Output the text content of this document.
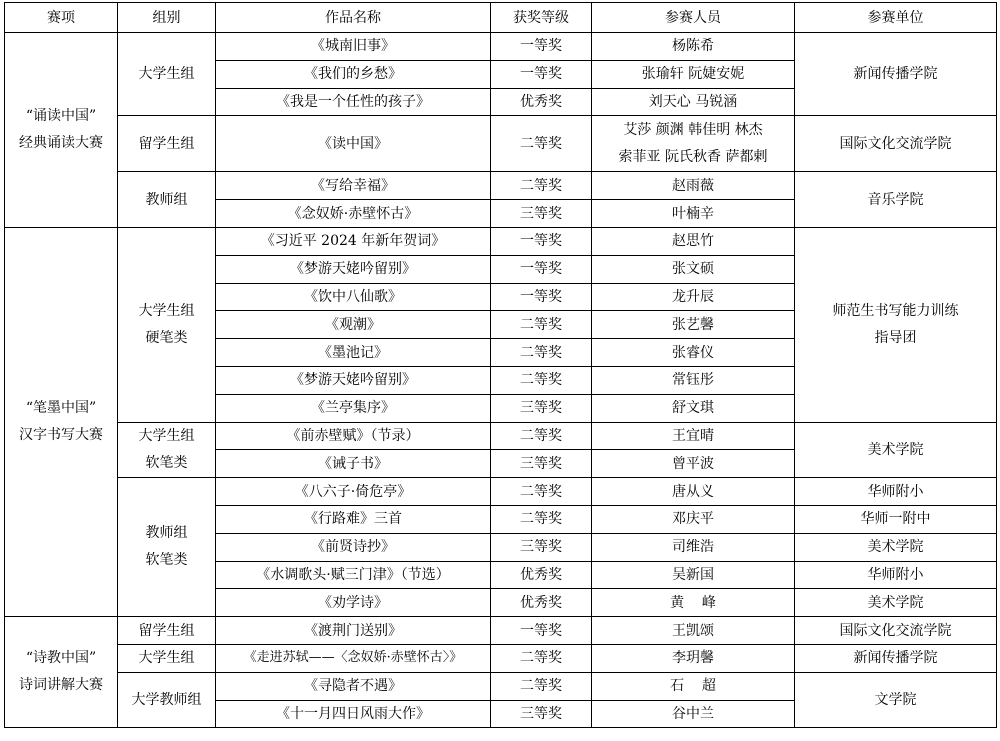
赛项	组别	作品名称	获奖等级	参赛人员	参赛单位

“诵读中国”
经典诵读大赛	大学生组	《城南旧事》	一等奖	杨陈希	新闻传播学院
		《我们的乡愁》	一等奖	张瑜轩 阮婕安妮	
		《我是一个任性的孩子》	优秀奖	刘天心 马锐涵	
	留学生组	《读中国》	二等奖	艾莎 颜渊 韩佳明 林杰
索菲亚 阮氏秋香 萨都剌	国际文化交流学院
	教师组	《写给幸福》	二等奖	赵雨薇	音乐学院
		《念奴娇·赤壁怀古》	三等奖	叶楠辛	

“笔墨中国”
汉字书写大赛	大学生组
硬笔类	《习近平 2024 年新年贺词》	一等奖	赵思竹	师范生书写能力训练
指导团

		《梦游天姥吟留别》	一等奖	张文硕	
		《饮中八仙歌》	一等奖	龙升辰	
		《观潮》	二等奖	张艺馨	
		《墨池记》	二等奖	张睿仪	
		《梦游天姥吟留别》	二等奖	常钰彤	
		《兰亭集序》	三等奖	舒文琪	

	大学生组
软笔类	《前赤壁赋》（节录）	二等奖	王宜晴	美术学院
		《诫子书》	三等奖	曾平波	

	教师组
软笔类	《八六子·倚危亭》	二等奖	唐从义	华师附小
		《行路难》三首	二等奖	邓庆平	华师一附中
		《前贤诗抄》	三等奖	司维浩	美术学院
		《水调歌头·赋三门津》（节选）	优秀奖	吴新国	华师附小
		《劝学诗》	优秀奖	黄    峰	美术学院

“诗教中国”
诗词讲解大赛	留学生组	《渡荆门送别》	一等奖	王凯颂	国际文化交流学院
	大学生组	《走进苏轼——〈念奴娇·赤壁怀古〉》	二等奖	李玥馨	新闻传播学院
	大学教师组	《寻隐者不遇》	二等奖	石    超	文学院
		《十一月四日风雨大作》	三等奖	谷中兰	
